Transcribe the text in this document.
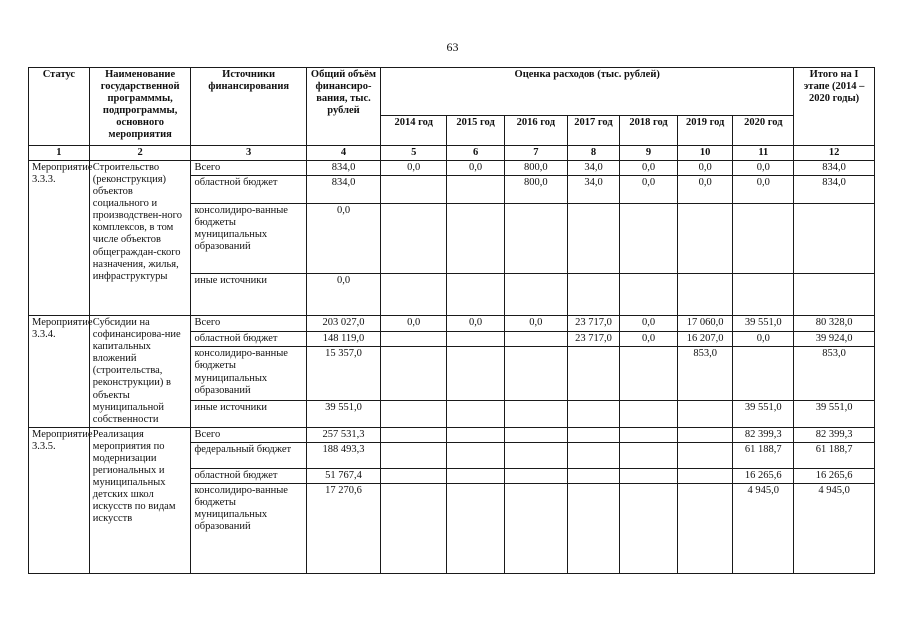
63
Статус	Наименование государственной программмы, подпрограммы, основного мероприятия	Источники финансирования	Общий объём финансиро-вания, тыс. рублей	Оценка расходов (тыс. рублей)							Итого на I этапе (2014 – 2020 годы)
				2014 год	2015 год	2016 год	2017 год	2018 год	2019 год	2020 год	
1	2	3	4	5	6	7	8	9	10	11	12
Мероприятие 3.3.3.	Строительство (реконструкция) объектов социального и производствен-ного комплексов, в том числе объектов общеграждан-ского назначения, жилья, инфраструктуры	Всего	834,0	0,0	0,0	800,0	34,0	0,0	0,0	0,0	834,0
		областной бюджет	834,0			800,0	34,0	0,0	0,0	0,0	834,0
		консолидиро-ванные бюджеты муниципальных образований	0,0								
		иные источники	0,0								
Мероприятие 3.3.4.	Субсидии на софинансирова-ние капитальных вложений (строительства, реконструкции) в объекты муниципальной собственности	Всего	203 027,0	0,0	0,0	0,0	23 717,0	0,0	17 060,0	39 551,0	80 328,0
		областной бюджет	148 119,0				23 717,0	0,0	16 207,0	0,0	39 924,0
		консолидиро-ванные бюджеты муниципальных образований	15 357,0						853,0		853,0
		иные источники	39 551,0							39 551,0	39 551,0
Мероприятие 3.3.5.	Реализация мероприятия по модернизации региональных и муниципальных детских школ искусств по видам искусств	Всего	257 531,3							82 399,3	82 399,3
		федеральный бюджет	188 493,3							61 188,7	61 188,7
		областной бюджет	51 767,4							16 265,6	16 265,6
		консолидиро-ванные бюджеты муниципальных образований	17 270,6							4 945,0	4 945,0
